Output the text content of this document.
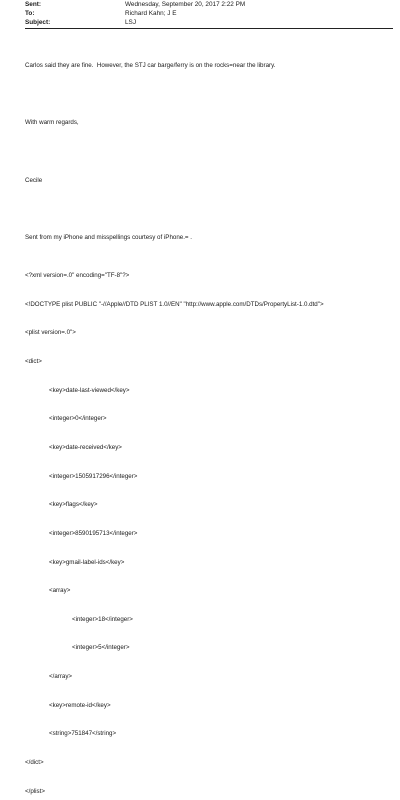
Sent:	Wednesday, September 20, 2017 2:22 PM
To:	Richard Kahn; J E
Subject:	LSJ

Carlos said they are fine.  However, the STJ car barge/ferry is on the rocks=near the library.

With warm regards,

Cecile

Sent from my iPhone and misspellings courtesy of iPhone.= .

<?xml version=.0" encoding="TF-8"?>

<!DOCTYPE plist PUBLIC "-//Apple//DTD PLIST 1.0//EN" "http://www.apple.com/DTDs/PropertyList-1.0.dtd">

<plist version=.0">

<dict>

<key>date-last-viewed</key>

<integer>0</integer>

<key>date-received</key>

<integer>1505917296</integer>

<key>flags</key>

<integer>8590195713</integer>

<key>gmail-label-ids</key>

<array>

<integer>18</integer>

<integer>5</integer>

</array>

<key>remote-id</key>

<string>751847</string>

</dict>

</plist>
